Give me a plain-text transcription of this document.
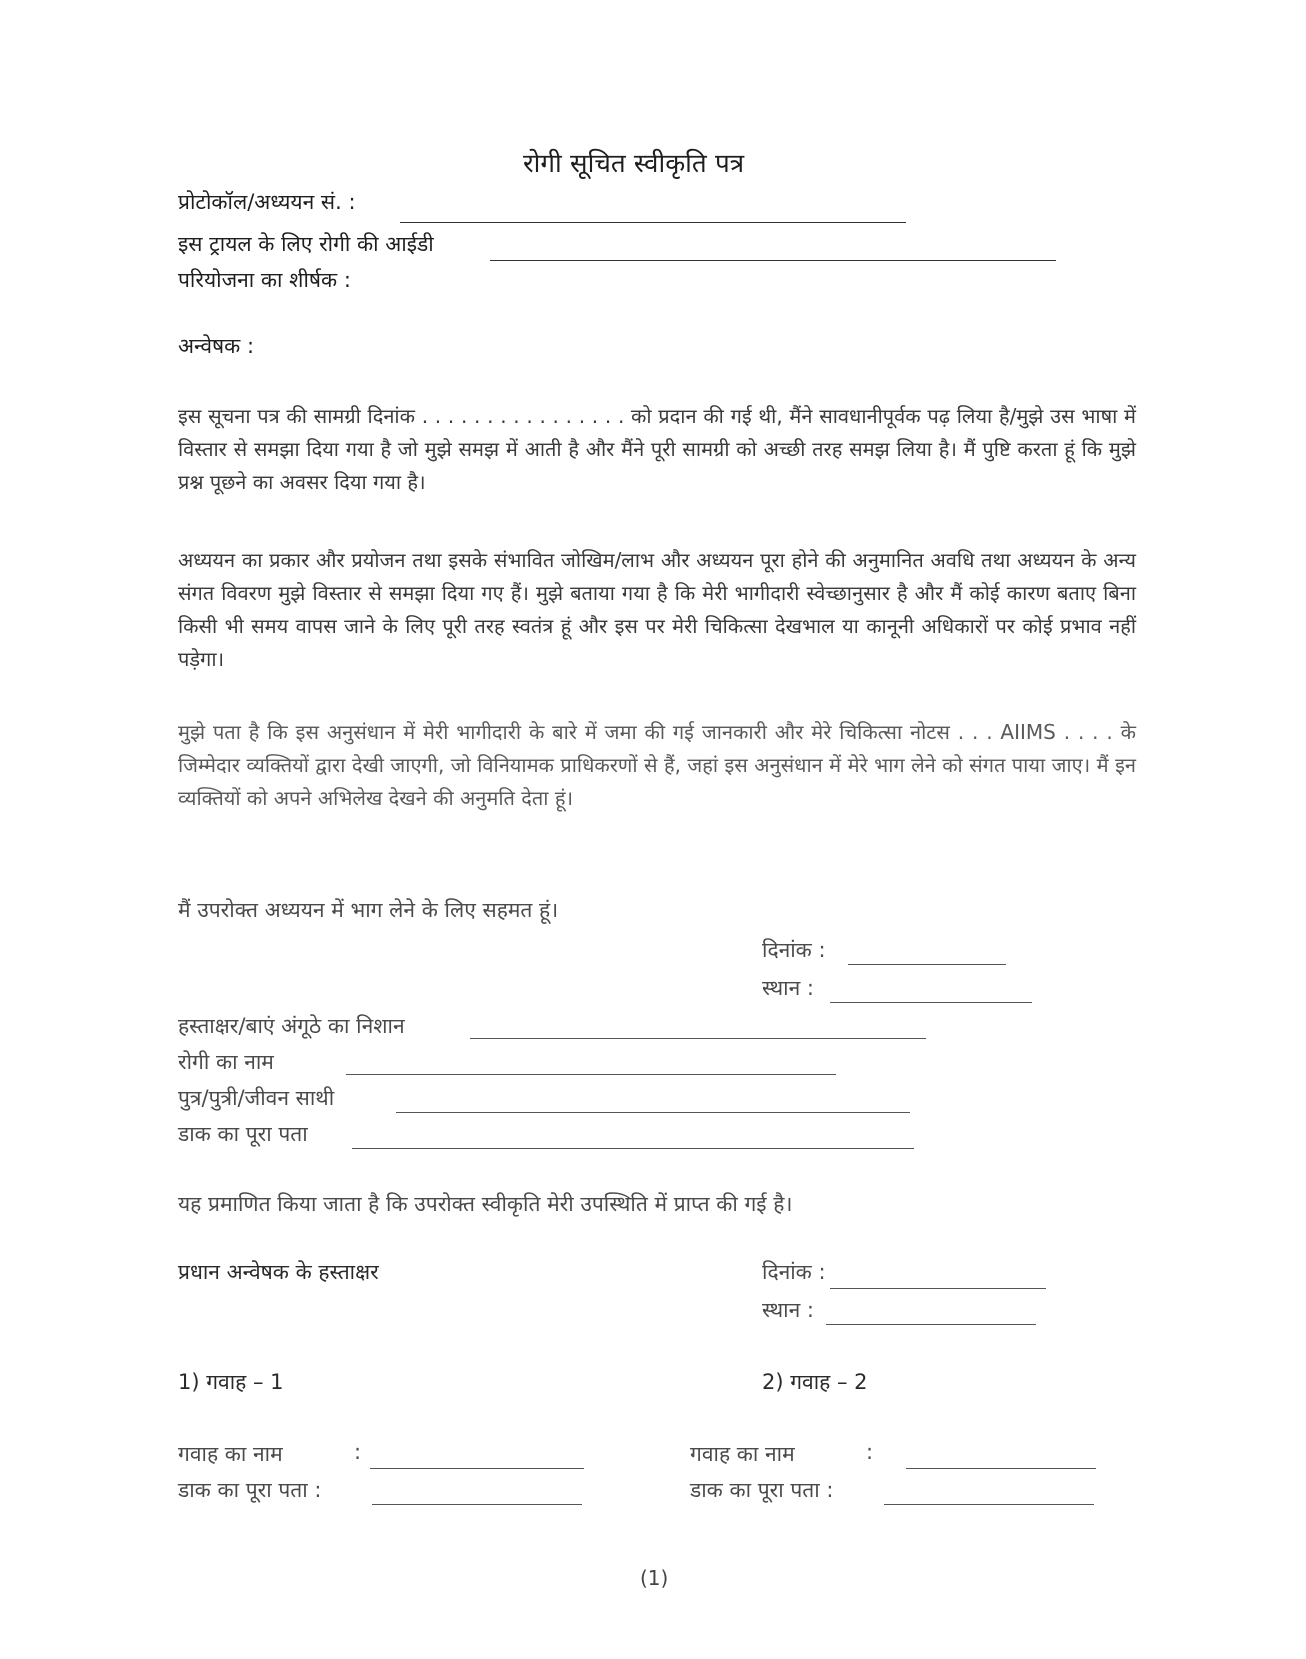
रोगी सूचित स्वीकृति पत्र
प्रोटोकॉल/अध्ययन सं. :
इस ट्रायल के लिए रोगी की आईडी
परियोजना का शीर्षक :
अन्वेषक :
इस सूचना पत्र की सामग्री दिनांक . . . . . . . . . . . . . . . . को प्रदान की गई थी, मैंने सावधानीपूर्वक पढ़ लिया है/मुझे उस भाषा में विस्तार से समझा दिया गया है जो मुझे समझ में आती है और मैंने पूरी सामग्री को अच्छी तरह समझ लिया है। मैं पुष्टि करता हूं कि मुझे प्रश्न पूछने का अवसर दिया गया है।
अध्ययन का प्रकार और प्रयोजन तथा इसके संभावित जोखिम/लाभ और अध्ययन पूरा होने की अनुमानित अवधि तथा अध्ययन के अन्य संगत विवरण मुझे विस्तार से समझा दिया गए हैं। मुझे बताया गया है कि मेरी भागीदारी स्वेच्छानुसार है और मैं कोई कारण बताए बिना किसी भी समय वापस जाने के लिए पूरी तरह स्वतंत्र हूं और इस पर मेरी चिकित्सा देखभाल या कानूनी अधिकारों पर कोई प्रभाव नहीं पड़ेगा।
मुझे पता है कि इस अनुसंधान में मेरी भागीदारी के बारे में जमा की गई जानकारी और मेरे चिकित्सा नोटस . . . AIIMS . . . . के जिम्मेदार व्यक्तियों द्वारा देखी जाएगी, जो विनियामक प्राधिकरणों से हैं, जहां इस अनुसंधान में मेरे भाग लेने को संगत पाया जाए। मैं इन व्यक्तियों को अपने अभिलेख देखने की अनुमति देता हूं।
मैं उपरोक्त अध्ययन में भाग लेने के लिए सहमत हूं।
दिनांक :
स्थान :
हस्ताक्षर/बाएं अंगूठे का निशान
रोगी का नाम
पुत्र/पुत्री/जीवन साथी
डाक का पूरा पता
यह प्रमाणित किया जाता है कि उपरोक्त स्वीकृति मेरी उपस्थिति में प्राप्त की गई है।
प्रधान अन्वेषक के हस्ताक्षर	दिनांक :
स्थान :
1) गवाह – 1	2) गवाह – 2
गवाह का नाम	:
डाक का पूरा पता :
गवाह का नाम	:
डाक का पूरा पता :
(1)
